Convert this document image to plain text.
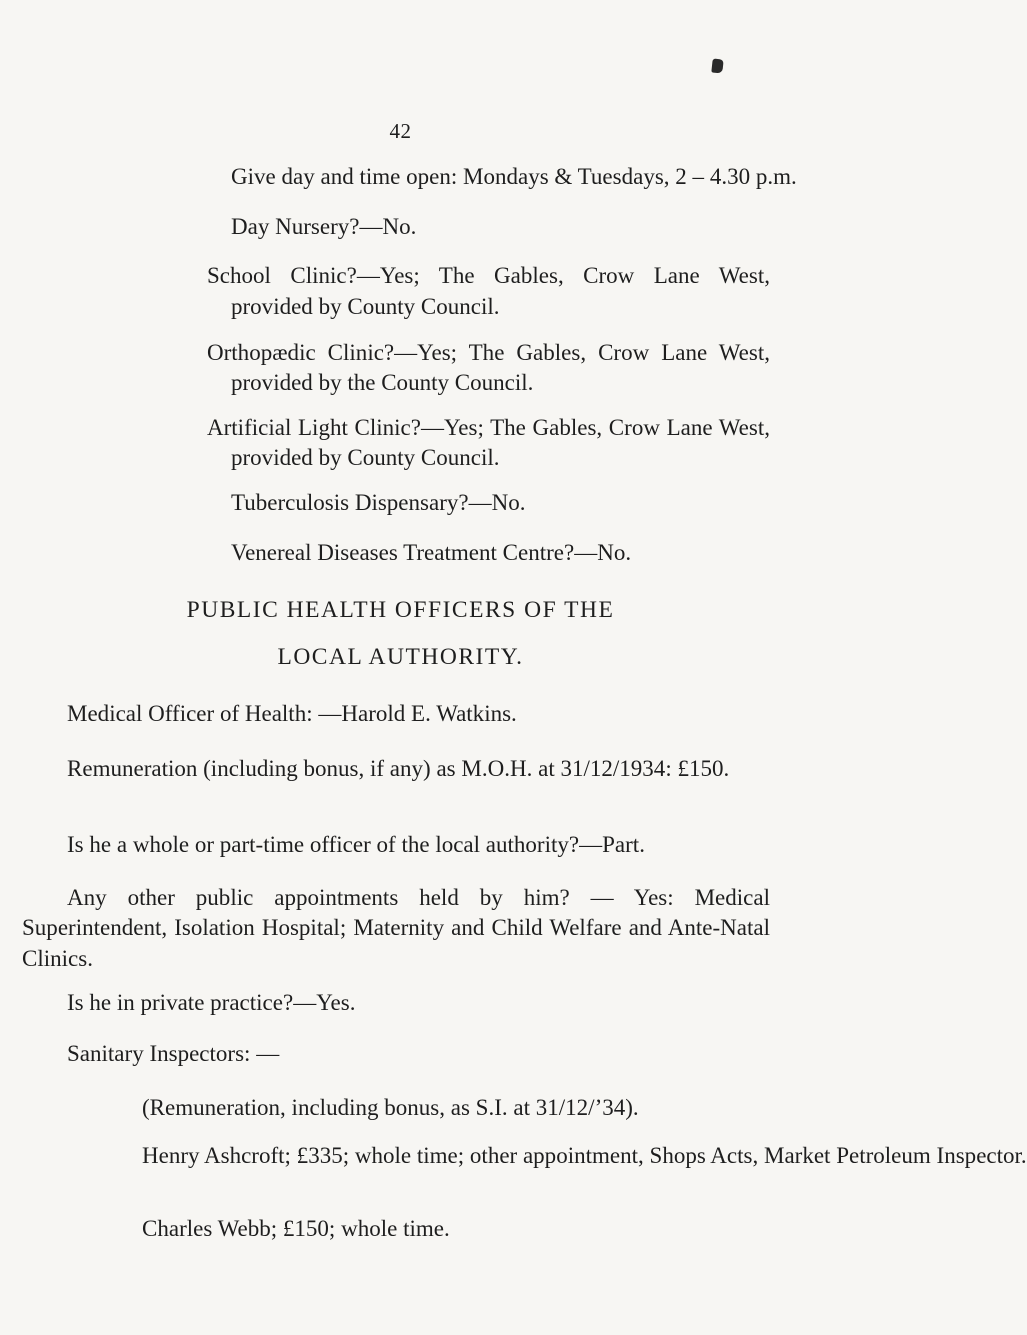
42

Give day and time open: Mondays & Tuesdays, 2 – 4.30 p.m.

Day Nursery?—No.

School Clinic?—Yes; The Gables, Crow Lane West, provided by County Council.

Orthopædic Clinic?—Yes; The Gables, Crow Lane West, provided by the County Council.

Artificial Light Clinic?—Yes; The Gables, Crow Lane West, provided by County Council.

Tuberculosis Dispensary?—No.

Venereal Diseases Treatment Centre?—No.

PUBLIC HEALTH OFFICERS OF THE

LOCAL AUTHORITY.

Medical Officer of Health: —Harold E. Watkins.

Remuneration (including bonus, if any) as M.O.H. at 31/12/1934: £150.

Is he a whole or part-time officer of the local authority?—Part.

Any other public appointments held by him? — Yes: Medical Superintendent, Isolation Hospital; Maternity and Child Welfare and Ante-Natal Clinics.

Is he in private practice?—Yes.

Sanitary Inspectors: —

(Remuneration, including bonus, as S.I. at 31/12/’34).

Henry Ashcroft; £335; whole time; other appointment, Shops Acts, Market Petroleum Inspector.

Charles Webb; £150; whole time.
